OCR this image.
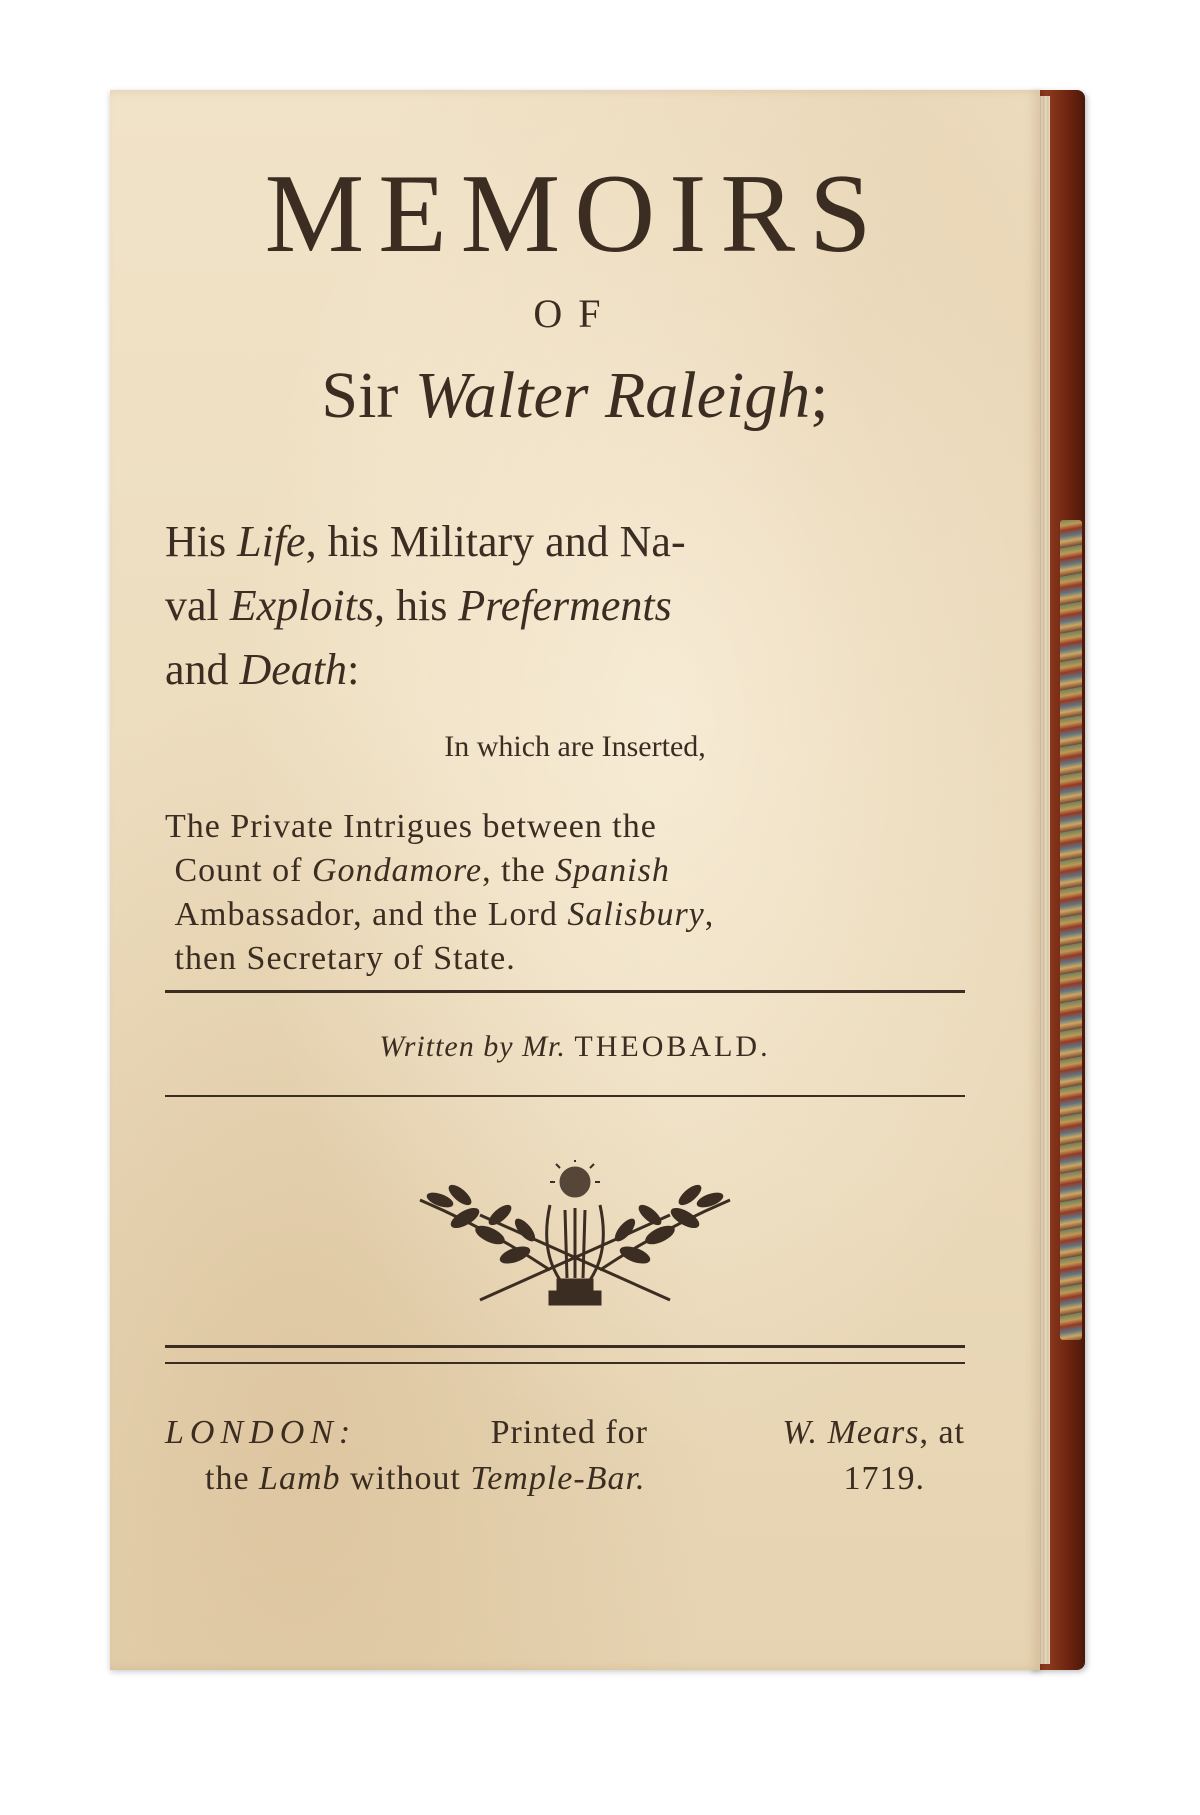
MEMOIRS
OF
Sir Walter Raleigh;
His Life, his Military and Na-
val Exploits, his Preferments
and Death:
In which are Inserted,
The Private Intrigues between the
Count of Gondamore, the Spanish
Ambassador, and the Lord Salisbury,
then Secretary of State.
Written by Mr. THEOBALD.
LONDON:	Printed for	W. Mears, at
the Lamb without Temple-Bar.	1719.
